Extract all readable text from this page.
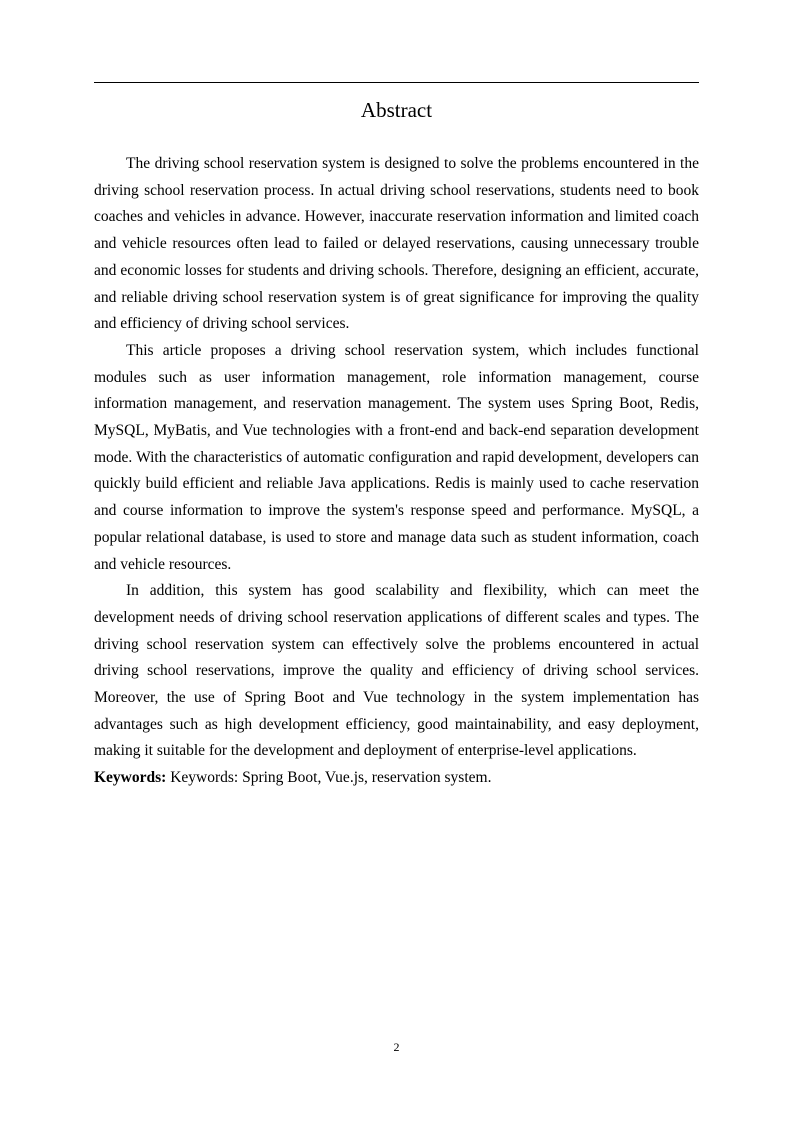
Abstract

The driving school reservation system is designed to solve the problems encountered in the driving school reservation process. In actual driving school reservations, students need to book coaches and vehicles in advance. However, inaccurate reservation information and limited coach and vehicle resources often lead to failed or delayed reservations, causing unnecessary trouble and economic losses for students and driving schools. Therefore, designing an efficient, accurate, and reliable driving school reservation system is of great significance for improving the quality and efficiency of driving school services.

This article proposes a driving school reservation system, which includes functional modules such as user information management, role information management, course information management, and reservation management. The system uses Spring Boot, Redis, MySQL, MyBatis, and Vue technologies with a front-end and back-end separation development mode. With the characteristics of automatic configuration and rapid development, developers can quickly build efficient and reliable Java applications. Redis is mainly used to cache reservation and course information to improve the system's response speed and performance. MySQL, a popular relational database, is used to store and manage data such as student information, coach and vehicle resources.

In addition, this system has good scalability and flexibility, which can meet the development needs of driving school reservation applications of different scales and types. The driving school reservation system can effectively solve the problems encountered in actual driving school reservations, improve the quality and efficiency of driving school services. Moreover, the use of Spring Boot and Vue technology in the system implementation has advantages such as high development efficiency, good maintainability, and easy deployment, making it suitable for the development and deployment of enterprise-level applications.

Keywords: Keywords: Spring Boot, Vue.js, reservation system.

2
